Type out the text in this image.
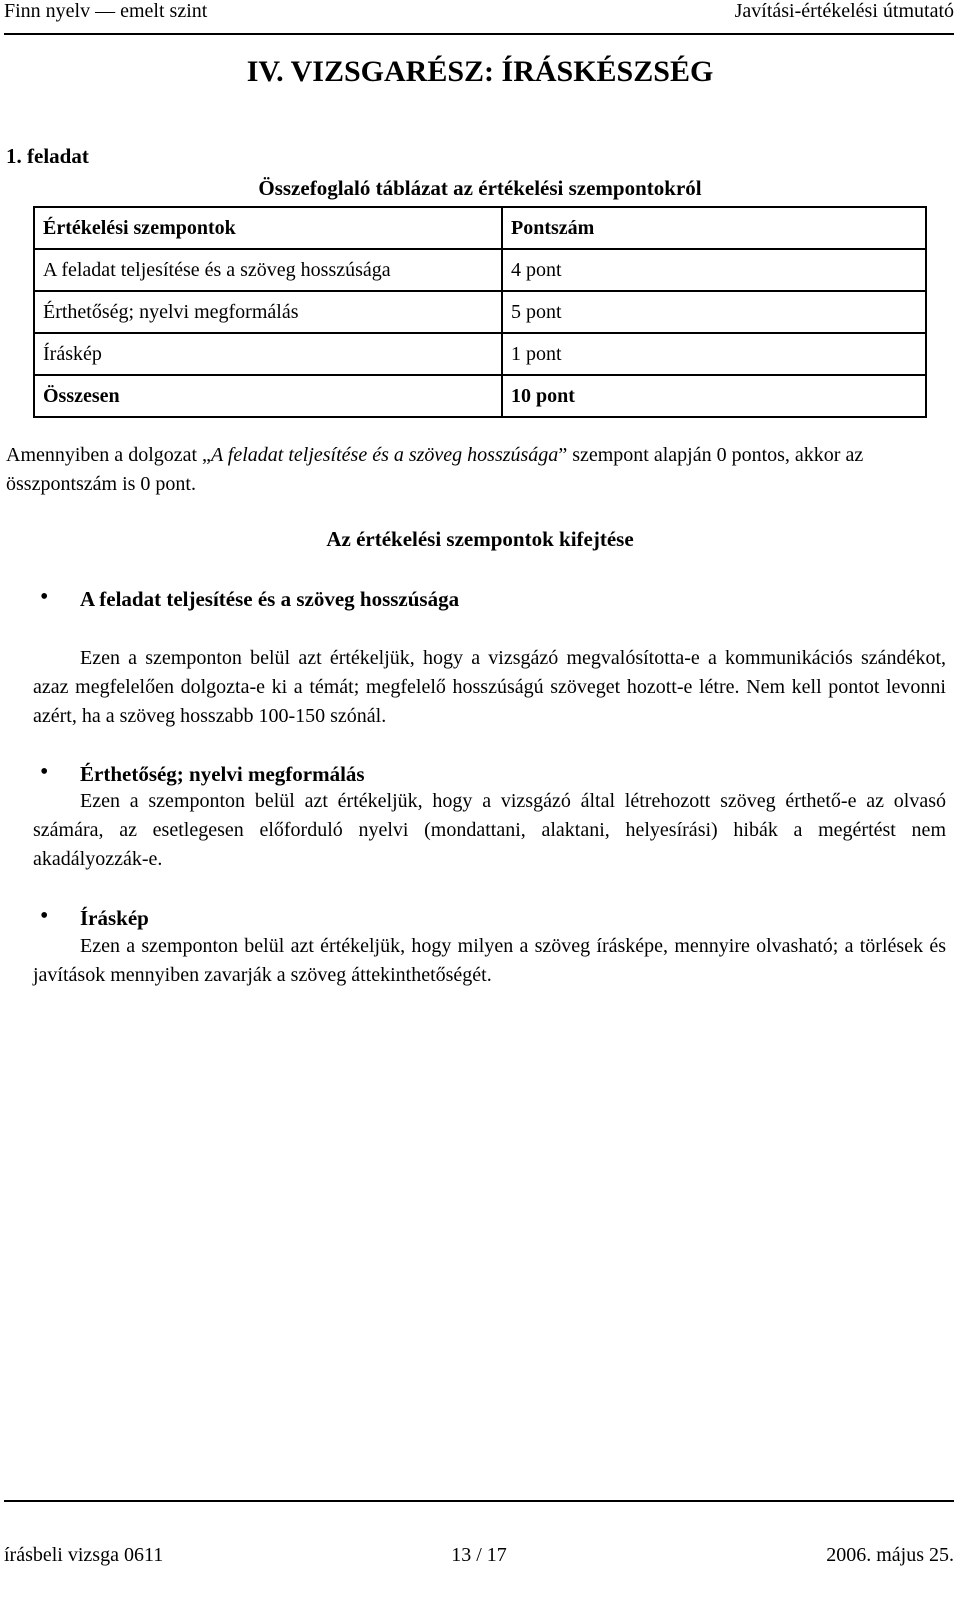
Finn nyelv — emelt szint	Javítási-értékelési útmutató
IV. VIZSGARÉSZ: ÍRÁSKÉSZSÉG
1. feladat
Összefoglaló táblázat az értékelési szempontokról
Értékelési szempontok	Pontszám
A feladat teljesítése és a szöveg hosszúsága	4 pont
Érthetőség; nyelvi megformálás	5 pont
Íráskép	1 pont
Összesen	10 pont
Amennyiben a dolgozat „A feladat teljesítése és a szöveg hosszúsága” szempont alapján 0 pontos, akkor az összpontszám is 0 pont.
Az értékelési szempontok kifejtése
• A feladat teljesítése és a szöveg hosszúsága
Ezen a szemponton belül azt értékeljük, hogy a vizsgázó megvalósította-e a kommunikációs szándékot, azaz megfelelően dolgozta-e ki a témát; megfelelő hosszúságú szöveget hozott-e létre. Nem kell pontot levonni azért, ha a szöveg hosszabb 100-150 szónál.
• Érthetőség; nyelvi megformálás
Ezen a szemponton belül azt értékeljük, hogy a vizsgázó által létrehozott szöveg érthető-e az olvasó számára, az esetlegesen előforduló nyelvi (mondattani, alaktani, helyesírási) hibák a megértést nem akadályozzák-e.
• Íráskép
Ezen a szemponton belül azt értékeljük, hogy milyen a szöveg írásképe, mennyire olvasható; a törlések és javítások mennyiben zavarják a szöveg áttekinthetőségét.
írásbeli vizsga 0611	13 / 17	2006. május 25.
